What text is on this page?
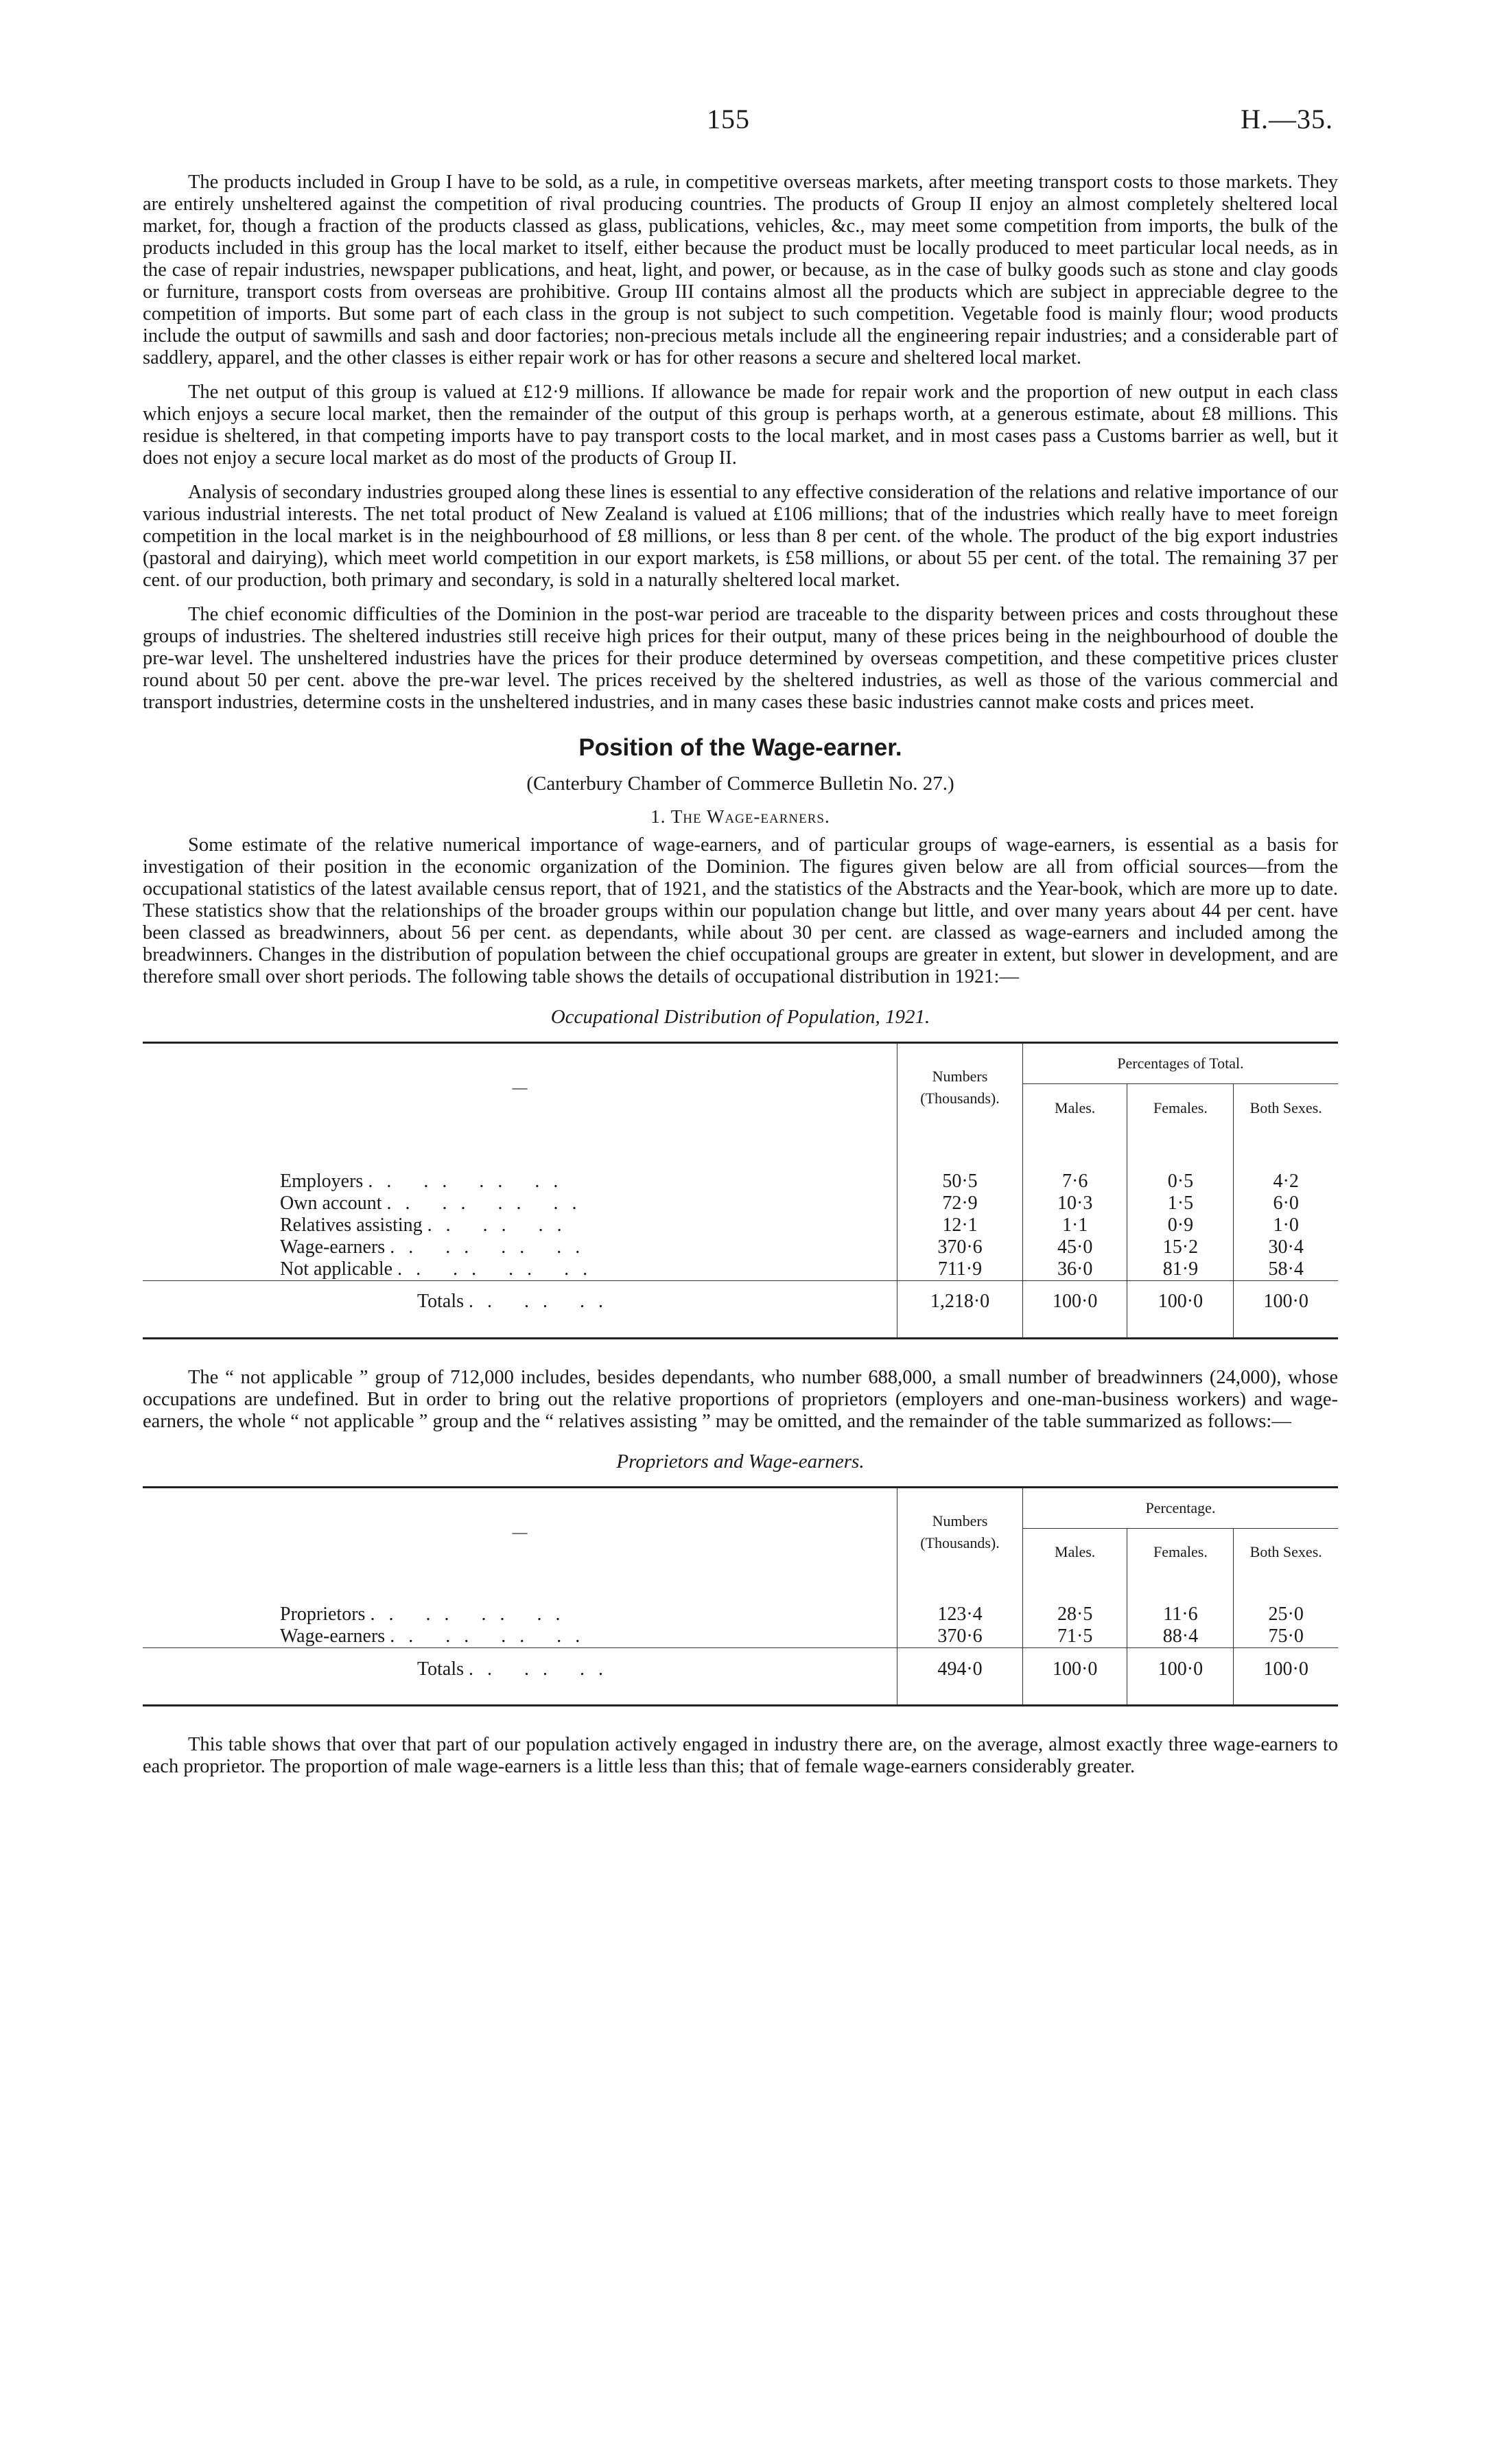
155	H.—35.

The products included in Group I have to be sold, as a rule, in competitive overseas markets, after meeting transport costs to those markets. They are entirely unsheltered against the competition of rival producing countries. The products of Group II enjoy an almost completely sheltered local market, for, though a fraction of the products classed as glass, publications, vehicles, &c., may meet some competition from imports, the bulk of the products included in this group has the local market to itself, either because the product must be locally produced to meet particular local needs, as in the case of repair industries, newspaper publications, and heat, light, and power, or because, as in the case of bulky goods such as stone and clay goods or furniture, transport costs from overseas are prohibitive. Group III contains almost all the products which are subject in appreciable degree to the competition of imports. But some part of each class in the group is not subject to such competition. Vegetable food is mainly flour; wood products include the output of sawmills and sash and door factories; non-precious metals include all the engineering repair industries; and a considerable part of saddlery, apparel, and the other classes is either repair work or has for other reasons a secure and sheltered local market.

The net output of this group is valued at £12·9 millions. If allowance be made for repair work and the proportion of new output in each class which enjoys a secure local market, then the remainder of the output of this group is perhaps worth, at a generous estimate, about £8 millions. This residue is sheltered, in that competing imports have to pay transport costs to the local market, and in most cases pass a Customs barrier as well, but it does not enjoy a secure local market as do most of the products of Group II.

Analysis of secondary industries grouped along these lines is essential to any effective consideration of the relations and relative importance of our various industrial interests. The net total product of New Zealand is valued at £106 millions; that of the industries which really have to meet foreign competition in the local market is in the neighbourhood of £8 millions, or less than 8 per cent. of the whole. The product of the big export industries (pastoral and dairying), which meet world competition in our export markets, is £58 millions, or about 55 per cent. of the total. The remaining 37 per cent. of our production, both primary and secondary, is sold in a naturally sheltered local market.

The chief economic difficulties of the Dominion in the post-war period are traceable to the disparity between prices and costs throughout these groups of industries. The sheltered industries still receive high prices for their output, many of these prices being in the neighbourhood of double the pre-war level. The unsheltered industries have the prices for their produce determined by overseas competition, and these competitive prices cluster round about 50 per cent. above the pre-war level. The prices received by the sheltered industries, as well as those of the various commercial and transport industries, determine costs in the unsheltered industries, and in many cases these basic industries cannot make costs and prices meet.

Position of the Wage-earner.
(Canterbury Chamber of Commerce Bulletin No. 27.)
1. The Wage-earners.

Some estimate of the relative numerical importance of wage-earners, and of particular groups of wage-earners, is essential as a basis for investigation of their position in the economic organization of the Dominion. The figures given below are all from official sources—from the occupational statistics of the latest available census report, that of 1921, and the statistics of the Abstracts and the Year-book, which are more up to date. These statistics show that the relationships of the broader groups within our population change but little, and over many years about 44 per cent. have been classed as breadwinners, about 56 per cent. as dependants, while about 30 per cent. are classed as wage-earners and included among the breadwinners. Changes in the distribution of population between the chief occupational groups are greater in extent, but slower in development, and are therefore small over short periods. The following table shows the details of occupational distribution in 1921:—

Occupational Distribution of Population, 1921.
—	Numbers (Thousands).	Percentages of Total.		
		Males.	Females.	Both Sexes.

Employers .. .. .. ..	50·5	7·6	0·5	4·2
Own account .. .. .. ..	72·9	10·3	1·5	6·0
Relatives assisting .. .. ..	12·1	1·1	0·9	1·0
Wage-earners .. .. .. ..	370·6	45·0	15·2	30·4
Not applicable .. .. .. ..	711·9	36·0	81·9	58·4
Totals .. .. ..	1,218·0	100·0	100·0	100·0

The “ not applicable ” group of 712,000 includes, besides dependants, who number 688,000, a small number of breadwinners (24,000), whose occupations are undefined. But in order to bring out the relative proportions of proprietors (employers and one-man-business workers) and wage-earners, the whole “ not applicable ” group and the “ relatives assisting ” may be omitted, and the remainder of the table summarized as follows:—

Proprietors and Wage-earners.
—	Numbers (Thousands).	Percentage.		
		Males.	Females.	Both Sexes.

Proprietors .. .. .. ..	123·4	28·5	11·6	25·0
Wage-earners .. .. .. ..	370·6	71·5	88·4	75·0
Totals .. .. ..	494·0	100·0	100·0	100·0

This table shows that over that part of our population actively engaged in industry there are, on the average, almost exactly three wage-earners to each proprietor. The proportion of male wage-earners is a little less than this; that of female wage-earners considerably greater.
